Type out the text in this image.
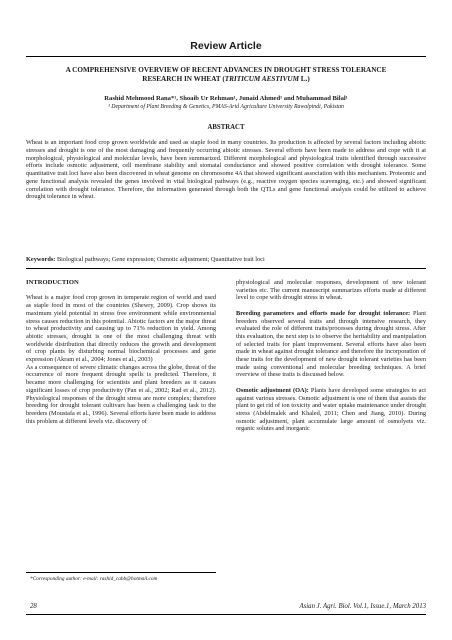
Review Article
A COMPREHENSIVE OVERVIEW OF RECENT ADVANCES IN DROUGHT STRESS TOLERANCE RESEARCH IN WHEAT (TRITICUM AESTIVUM L.)
Rashid Mehmood Rana*¹, Shoaib Ur Rehman¹, Junaid Ahmed¹ and Muhammad Bilal¹
¹ Department of Plant Breeding & Genetics, PMAS-Arid Agriculture University Rawalpindi, Pakistan
ABSTRACT
Wheat is an important food crop grown worldwide and used as staple food in many countries. Its production is affected by several factors including abiotic stresses and drought is one of the most damaging and frequently occurring abiotic stresses. Several efforts have been made to address and cope with it at morphological, physiological and molecular levels, have been summarized. Different morphological and physiological traits identified through successive efforts include osmotic adjustment, cell membrane stability and stomatal conductance and showed positive correlation with drought tolerance. Some quantitative trait loci have also been discovered in wheat genome on chromosome 4A that showed significant association with this mechanism. Proteomic and gene functional analysis revealed the genes involved in vital biological pathways (e.g., reactive oxygen species scavenging, etc.) and showed significant correlation with drought tolerance. Therefore, the information generated through both the QTLs and gene functional analysis could be utilized to achieve drought tolerance in wheat.
Keywords: Biological pathways; Gene expression; Osmotic adjustment; Quantitative trait loci
INTRODUCTION

Wheat is a major food crop grown in temperate region of world and used as staple food in most of the countries (Shewry, 2009). Crop shows its maximum yield potential in stress free environment while environmental stress causes reduction in this potential. Abiotic factors are the major threat to wheat productivity and causing up to 71% reduction in yield. Among abiotic stresses, drought is one of the most challenging threat with worldwide distribution that directly reduces the growth and development of crop plants by disturbing normal biochemical processes and gene expression (Akram et al., 2004; Jones et al., 2003)

As a consequence of severe climatic changes across the globe, threat of the occurrence of more frequent drought spells is predicted. Therefore, it became more challenging for scientists and plant breeders as it causes significant losses of crop productivity (Pan et al., 2002; Rad et al., 2012). Physiological responses of the drought stress are more complex; therefore breeding for drought tolerant cultivars has been a challenging task to the breeders (Mousta​fa et al., 1996). Several efforts have been made to address this problem at different levels viz. discovery of

physiological and molecular responses, development of new tolerant varieties etc. The current manuscript summarizes efforts made at different level to cope with drought stress in wheat.

Breeding parameters and efforts made for drought tolerance: Plant breeders observed several traits and through intensive research, they evaluated the role of different traits/processes during drought stress. After this evaluation, the next step is to observe the heritability and manipulation of selected traits for plant improvement. Several efforts have also been made in wheat against drought tolerance and therefore the incorporation of these traits for the development of new drought tolerant varieties has been made using conventional and molecular breeding techniques. A brief overview of these traits is discussed below.

Osmotic adjustment (OA): Plants have developed some strategies to act against various stresses. Osmotic adjustment is one of them that assists the plant to get rid of ion toxicity and water uptake maintenance under drought stress (Abdelmalek and Khaled, 2011; Chen and Jiang, 2010). During osmotic adjustment, plant accumulate large amount of osmolyets viz. organic solutes and inorganic

*Corresponding author: e-mail: rashid_cabb@hotmail.com
28	Asian J. Agri. Biol. Vol.1, Issue.1, March 2013
